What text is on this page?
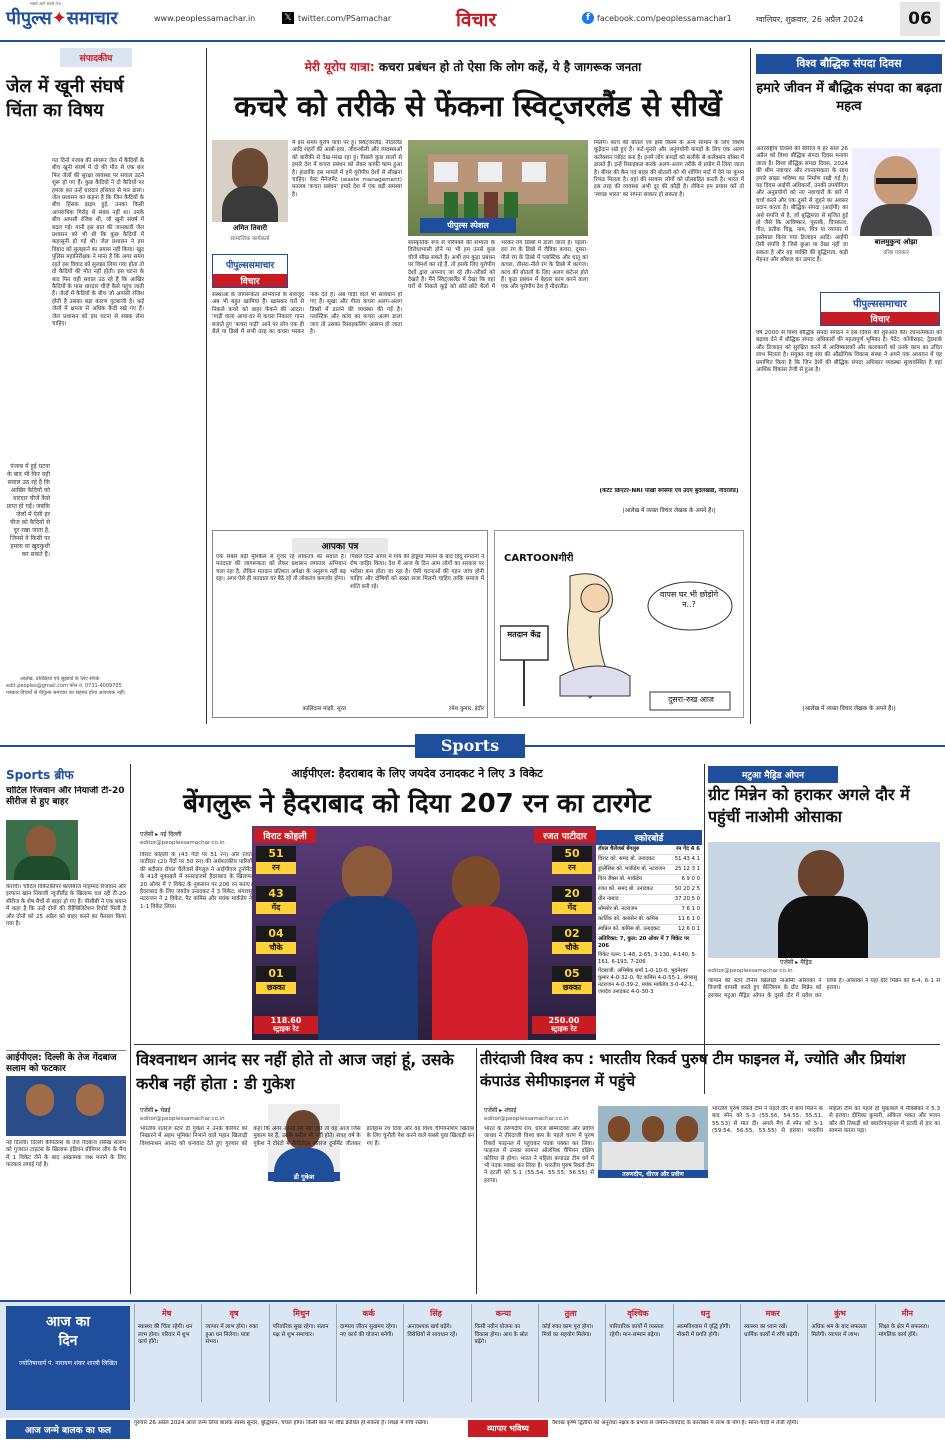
पीपुल्स✦समाचार
सबसे आगे सबसे तेज
www.peoplessamachar.in	𝕏 twitter.com/PSamachar	विचार	f facebook.com/peoplessamachar1	ग्वालियर, शुक्रवार, 26 अप्रैल 2024	06
संपादकीय
जेल में खूनी संघर्ष चिंता का विषय
गत दिनों पंजाब की संगरूर जेल में कैदियों के बीच खूनी संघर्ष में दो की मौत से एक बार फिर जेलों की सुरक्षा व्यवस्था पर सवाल उठने शुरू हो गए हैं। कुछ कैदियों ने दो कैदियों पर हमला कर उन्हें धारदार हथियार से मार डाला। जेल प्रशासन का कहना है कि जिन कैदियों के बीच हिंसक झड़प हुई, उनका किसी आपराधिक गिरोह से संबंध नहीं था। उनके बीच आपसी रंजिश थी, जो खूनी संघर्ष में बदल गई। यानी इस बात की जानकारी जेल प्रशासन को भी थी कि कुछ कैदियों में कहासुनी हो गई थी। जेल प्रशासन ने इस विवाद को सुलझाने का प्रयास नहीं किया। खुद पुलिस महानिरीक्षक ने माना है कि अगर समय रहते इस विवाद को सुलझा लिया गया होता तो दो कैदियों की मौत नहीं होती। इस घटना के बाद फिर वही सवाल उठ रहे हैं कि आखिर कैदियों के पास धारदार चीजें कैसे पहुंच जाती हैं। जेलों में कैदियों के बीच जो आपसी रंजिश होती है उसका बड़ा कारण गुटबाजी है। कई जेलों में क्षमता से अधिक कैदी रखे गए हैं। जेल प्रशासन को इस घटना से सबक लेना चाहिए।
पंजाब में हुई घटना के बाद भी फिर वही सवाल उठ रहे हैं कि आखिर कैदियों को धारदार चीजें कैसे प्राप्त हो गईं। जबकि जेलों में ऐसी हर चीज को कैदियों से दूर रखा जाता है, जिनसे वे किसी पर हमला या खुदकुशी कर सकते हैं।
आलेख, प्रतिक्रिया एवं सुझावों के लिए संपर्क
edit.peoples@gmail.com फोन नं. 0731-4009705
पत्रकार विचारों से पीपुल्स समाचार का सहमत होना आवश्यक नहीं।
मेरी यूरोप यात्रा: कचरा प्रबंधन हो तो ऐसा कि लोग कहें, ये है जागरूक जनता
कचरे को तरीके से फेंकना स्विट्जरलैंड से सीखें
अमित तिवारी
सामाजिक कार्यकर्ता
पीपुल्ससमाचार
विचार
मैं इस समय यूरोप यात्रा पर हूं। स्विट्जरलैंड, नीदरलैंड आदि शहरों की आबो-हवा, जीवनशैली और व्यवस्थाओं को बारीकी से देख-परख रहा हूं। पिछले कुछ सालों से हमारे देश में कचरा प्रबंधन को लेकर काफी काम हुआ है। हालांकि इस मामले में हमें यूरोपीय देशों से सीखना चाहिए। वेस्ट मैनेजमेंट (waste management) मतलब 'कचरा प्रबंधन' हमारे देश में एक बड़ी समस्या है।
संस्थाओं के जागरूकता अभियानों के बावजूद अब भी बहुत खामियां हैं। खासकर घरों से निकले कचरे को बाहर फेंकने की आदत। 'गाड़ी वाला आया-घर से कचरा निकाल' गाना बजाते हुए 'कचरा गाड़ी' आने पर लोग एक ही थैले या डिब्बे में सभी तरह का कचरा भरकर फेंक देते हैं। अब गाड़ी वाले भी सावधान हो गए हैं। सूखा और गीला कचरा अलग-अलग डिब्बों में डालने की व्यवस्था की गई है। प्लास्टिक और कांच का कचरा अलग डाला जाए तो उसका रिसाइकलिंग आसान हो जाता है।
पीपुल्स स्पेशल
सांस्कृतिक रूप से परिपक्व की सभ्यता के विरोधाभासी होने पर भी हम उनसे कुछ चीजें सीख सकते हैं। अभी हम कूड़ा प्रबंधन पर विमर्श कर रहे हैं, तो इसके लिए यूरोपीय देशों द्वारा अपनाए जा रहे तौर-तरीकों को देखते हैं। मैंने स्विट्जरलैंड में देखा कि वहां घरों से निकले कूड़े को छोटे-छोटे थैलों में भरकर तय डिब्बों में डाला जाता है। पहला-हरा रंग के डिब्बे में जैविक कचरा, दूसरा-पीले रंग के डिब्बे में प्लास्टिक और धातु का कचरा, तीसरा-नीले रंग के डिब्बे में कागज। कांच की बोतलों के लिए अलग कंटेनर होते हैं। कूड़ा प्रबंधन में बेहतर काम करने वाला एक और यूरोपीय देश है नीदरलैंड।
मिलेंगे। कांच की बोतल एवं इसी किस्म के अन्य सामान के लिए विशेष कूड़ेदान रखे हुए हैं। फर्ट-फुरसे और अनुपयोगी कपड़ों के लिए एक अलग कलेक्शन प्वॉइंट बना है। इनमें लोग कपड़ों को सलीके से कलेक्शन बॉक्स में डालते हैं। इन्हें रिसाइकल करके अलग-अलग तरीके से प्रयोग में लिया जाता है। बीयर की कैन एवं बाहर की बोतलों को भी शॉपिंग मार्ट में देने पर कूपन रिफंड मिलता है। वहां की सरकार लोगों को प्रोत्साहित करती है। भारत में इस तरह की व्यवस्था अभी दूर की कौड़ी है। लेकिन हम प्रयास करें तो 'स्वच्छ भारत' का सपना साकार हो सकता है।
(कंटेंट क्रिएटर-NRI पाखी रूसिया एवं उदय बुंदेलखंडी, नीदरलैंड)
(आलेख में व्यक्त विचार लेखक के अपने हैं।)
आपका पत्र
एक सबसे बड़ी मुश्किल से गुजर रहे लोकतंत्र का सवाल है। मतदाता की जागरूकता को लेकर प्रशासन लगातार अभियान चला रहा है, लेकिन मतदान प्रतिशत अपेक्षा के अनुरूप नहीं बढ़ रहा। अगर ऐसे ही मतदाता घर बैठे रहे तो लोकतंत्र कमजोर होगा।
कालिदास मांझी, सूरत
पिछले दिनों आगर में गाय की हड्डियां मिलने के बाद हिंदू संगठनों ने रोष जाहिर किया। देश में आज के दिन आम लोगों का सरकार पर भरोसा कम होता जा रहा है। ऐसी घटनाओं की गहन जांच होनी चाहिए और दोषियों को सख्त सजा मिलनी चाहिए ताकि समाज में शांति बनी रहे।
रमेश कुमार, इंदौर
CARTOONगीरी
मतदान केंद्र
वापस घर भी छोड़ोगे न..?
दुसरा-रुख आज
विश्व बौद्धिक संपदा दिवस
हमारे जीवन में बौद्धिक संपदा का बढ़ता महत्व
बालमुकुन्द ओझा
वरिष्ठ पत्रकार
पीपुल्ससमाचार
विचार
अंतरराष्ट्रीय दिवसों की सीरीज में हर साल 26 अप्रैल को विश्व बौद्धिक संपदा दिवस मनाया जाता है। विश्व बौद्धिक संपदा दिवस, 2024 की थीम नवाचार और रचनात्मकता के साथ हमारे साझा भविष्य का निर्माण रखी गई है। यह दिवस आईपी अधिकारों, उनकी उपयोगिता और अनुप्रयोगों को नए नवाचारों के बारे में चर्चा करने और एक दूसरे से जुड़ने का अवसर प्रदान करता है। बौद्धिक संपदा (आईपी) का अर्थ संपत्ति से है, जो बुद्धिमत्ता से सृजित हुई हो जैसे कि आविष्कार, पुस्तकें, चित्रकला, गीत, प्रतीक चिह्न, नाम, चित्र या व्यापार में इस्तेमाल किया गया डिजाइन आदि। आईपी ऐसी संपत्ति है जिसे छुआ या देखा नहीं जा सकता है और यह व्यक्ति की बुद्धिमत्ता, कड़ी मेहनत और कौशल का उत्पाद है।
वर्ष 2000 से विश्व बौद्धिक संपदा संगठन ने इस दिवस की शुरुआत की। रचनात्मकता को बढ़ावा देने में बौद्धिक संपदा अधिकारों की महत्वपूर्ण भूमिका है। पेटेंट, कॉपीराइट, ट्रेडमार्क और डिजाइन को सुरक्षित करने से आविष्कारकों और कलाकारों को उनके काम का उचित लाभ मिलता है। संयुक्त राष्ट्र संघ की औद्योगिक विकास संस्था ने अपने एक अध्ययन में यह प्रमाणित किया है कि जिन देशों की बौद्धिक संपदा अधिकार व्यवस्था सुव्यवस्थित है वहां आर्थिक विकास तेजी से हुआ है।
(आलेख में व्यक्त विचार लेखक के अपने हैं।)
Sports
Sports ब्रीफ
चोटिल रिजवान और नियाजी टी-20 सीरीज से हुए बाहर
कराची। चोटिल विकेटकीपर बल्लेबाज मोहम्मद रिजवान और इरफान खान नियाजी न्यूजीलैंड के खिलाफ चल रही टी-20 सीरीज के शेष मैचों से बाहर हो गए हैं। पीसीबी ने एक बयान में कहा है कि उन्हें दोनों की रीहैबिलिटेशन रिपोर्ट मिली है और दोनों को 25 अप्रैल को बाहर करने का फैसला किया गया है।
आईपीएल: दिल्ली के तेज गेंदबाज सलाम को फटकार
नई दिल्ली। दिल्ली कैपिटल्स के तेज गेंदबाज रसिख सलाम को गुजरात टाइटंस के खिलाफ इंडियन प्रीमियर लीग के मैच में 1 विकेट लेने के बाद आक्रामक जश्न मनाने के लिए फटकार लगाई गई है।
आईपीएल: हैदराबाद के लिए जयदेव उनादकट ने लिए 3 विकेट
बेंगलुरू ने हैदराबाद को दिया 207 रन का टारगेट
एजेंसी ▸ नई दिल्ली
editor@peoplessamachar.co.in
विराट कोहली के (43 गेंदों पर 51 रन) और रजत पाटीदार (20 गेंदों पर 50 रन) की अर्धशतकीय पारियों की बदौलत रॉयल चैलेंजर्स बेंगलुरु ने आईपीएल टूर्नामेंट के 41वें मुकाबले में सनराइजर्स हैदराबाद के खिलाफ 20 ओवर में 7 विकेट के नुकसान पर 206 रन बनाए। हैदराबाद के लिए जयदेव उनादकट ने 3 विकेट, थंगरासु नटराजन ने 2 विकेट, पैट कमिंस और मयंक मार्कंडेय ने 1-1 विकेट लिया।
विराट कोहली
51
रन
43
गेंद
04
चौके
01
छक्का
118.60
स्ट्राइक रेट
रजत पाटीदार
50
रन
20
गेंद
02
चौके
05
छक्का
250.00
स्ट्राइक रेट
स्कोरबोर्ड
रॉयल चैलेंजर्स बेंगलुरु	रन गेंद 4 6
विराट को. समद बो. उनादकट	51 43 4 1
डुप्लेसिस को. मार्कंडेय बो. नटराजन 25 12 3 1
विल जैक्स बो. मार्कंडेय	6 9 0 0
रजत को. समद बो. उनादकट	50 20 2 5
ग्रीन नाबाद	37 20 5 0
लोमरोर बो. नटराजन	7 6 1 0
कार्तिक को. क्लासेन बो. कमिंस	11 6 1 0
स्वप्निल को. कमिंस बो. उनादकट	12 6 0 1
अतिरिक्त: 7, कुल: 20 ओवर में 7 विकेट पर 206
विकेट पतन: 1-48, 2-65, 3-130, 4-140, 5-161, 6-193, 7-206
गेंदबाजी: अभिषेक शर्मा 1-0-10-0, भुवनेश्वर कुमार 4-0-32-0, पैट कमिंस 4-0-55-1, थंगरासु नटराजन 4-0-39-2, मयंक मार्कंडेय 3-0-42-1, जयदेव उनादकट 4-0-30-3
मटुआ मैड्रिड ओपन
ग्रीट मिन्नेन को हराकर अगले दौर में पहुंचीं नाओमी ओसाका
एजेंसी ▸ मैड्रिड
editor@peoplessamachar.co.in
जापान की स्टार टेनिस खिलाड़ी नाओमी ओसाका ने विजयी वापसी करते हुए बेल्जियम के ग्रीट मिन्नेन को हराकर मटुआ मैड्रिड ओपन के दूसरे दौर में प्रवेश कर लिया है। ओसाका ने यहां ग्रीट मिन्नेन को 6-4, 6-1 से हराया।
विश्वनाथन आनंद सर नहीं होते तो आज जहां हूं, उसके करीब नहीं होता : डी गुकेश
एजेंसी ▸ चेन्नई
editor@peoplessamachar.co.in
डी गुकेश
भारतीय शतरंज स्टार डी गुकेश ने उनके कैरियर को निखारने में अहम भूमिका निभाने वाले महान खिलाड़ी विश्वनाथन आनंद को धन्यवाद देते हुए गुरुवार को कहा कि अगर आनंद सर नहीं होते तो वह आज जिस मुकाम पर हैं, उसके करीब भी नहीं होते। सत्रह वर्ष के गुकेश ने टोरंटो में कैंडिडेट्स शतरंज टूर्नामेंट जीतकर इतिहास रच दिया और वह विश्व चैंपियनशिप खिताब के लिए चुनौती पेश करने वाले सबसे युवा खिलाड़ी बन गए हैं।
तीरंदाजी विश्व कप : भारतीय रिकर्व पुरुष टीम फाइनल में, ज्योति और प्रियांश कंपाउंड सेमीफाइनल में पहुंचे
एजेंसी ▸ शंघाई
editor@peoplessamachar.co.in
भारत के तरुणदीप राय, धीरज बोम्मादेवरा और प्रवीण जाधव ने तीरंदाजी विश्व कप के पहले चरण में पुरुष रिकर्व फाइनल में पहुंचकर पदक पक्का कर लिया। फाइनल में उनका सामना ओलंपिक चैंपियन दक्षिण कोरिया से होगा। भारत ने महिला कंपाउंड टीम वर्ग में भी पदक पक्का कर लिया है। भारतीय पुरुष रिकर्व टीम ने इटली को 5-1 (55.54, 55.55, 56.55) से हराया।
तरुणदीप, धीरज और प्रवीण
भारतीय पुरुष रिकर्व टीम ने पहले दौर में बाय मिलने के बाद स्पेन को 5-3 (55.56, 54.55, 55.51, 55.53) से मात दी। अगले मैच में स्पेन को 5-1 (59.54, 56.55, 55.55) से हराया। भारतीय महिला टीम को पहले ही मुकाबले में मैक्सिको ने 5.3 से हराया। दीपिका कुमारी, अंकिता भकत और भजन कौर की तिकड़ी को क्वार्टरफाइनल में इटली से हार का सामना करना पड़ा।
आज का
दिन
ज्योतिषाचार्य पं. नारायण शंकर शास्त्री लिखित
मेष
स्वास्थ्य की चिंता रहेगी। धन लाभ होगा। परिवार में शुभ कार्य होंगे।
वृष
व्यापार में लाभ होगा। रुका हुआ धन मिलेगा। यात्रा संभव।
मिथुन
परिवारिक सुख रहेगा। संतान पक्ष से शुभ समाचार।
कर्क
दाम्पत्य जीवन सुखमय रहेगा। नए कार्य की योजना बनेगी।
सिंह
अनावश्यक खर्च बढ़ेंगे। विरोधियों से सावधान रहें।
कन्या
किसी नवीन योजना का विकास होगा। आय के स्रोत बढ़ेंगे।
तुला
कोई रुका काम पूरा होगा। मित्रों का सहयोग मिलेगा।
वृश्चिक
पारिवारिक कार्यों में व्यस्तता रहेगी। मान-सम्मान बढ़ेगा।
धनु
आत्मविश्वास में वृद्धि होगी। नौकरी में प्रगति होगी।
मकर
स्वास्थ्य का ध्यान रखें। धार्मिक कार्यों में रुचि बढ़ेगी।
कुंभ
अधिक श्रम के बाद सफलता मिलेगी। व्यापार में लाभ।
मीन
शिक्षा के क्षेत्र में सफलता। मांगलिक कार्य होंगे।
आज जन्मे बालक का फल
गुरुवार 26 अप्रैल 2024 आज जन्म लिया बालक स्वस्थ सुन्दर, बुद्धिमान, चंचल होगा। किसी बात पर शीघ्र क्रोधित हो सकता है। शिक्षा में रुचि रखेगा।
व्यापार भविष्य
वैशाख कृष्ण द्वितीया को अनुराधा नक्षत्र के प्रभाव से जमीन-जायदाद के कारोबार में लाभ के योग हैं। सोना-चांदी में तेजी रहेगी।
